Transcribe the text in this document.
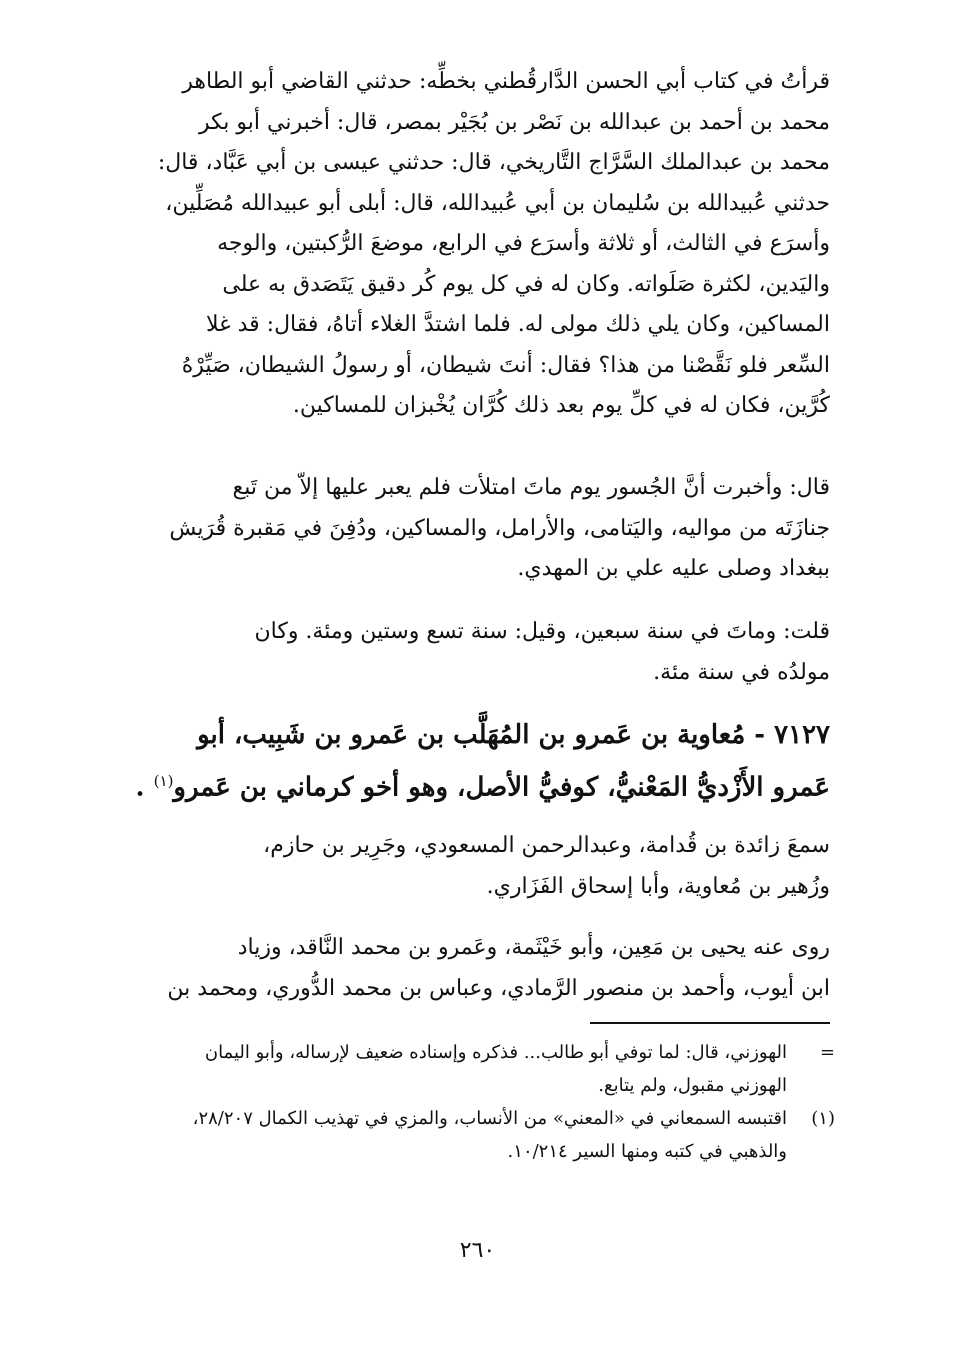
قرأتُ في كتاب أبي الحسن الدَّارقُطني بخطِّه: حدثني القاضي أبو الطاهر
محمد بن أحمد بن عبدالله بن نَصْر بن بُجَيْر بمصر، قال: أخبرني أبو بكر
محمد بن عبدالملك السَّرَّاج التَّاريخي، قال: حدثني عيسى بن أبي عَبَّاد، قال:
حدثني عُبيدالله بن سُليمان بن أبي عُبيدالله، قال: أبلى أبو عبيدالله مُصَلِّين،
وأسرَع في الثالث، أو ثلاثة وأسرَع في الرابع، موضعَ الرُّكبتين، والوجه
واليَدين، لكثرة صَلَواته. وكان له في كل يوم كُر دقيق يَتَصَدق به على
المساكين، وكان يلي ذلك مولى له. فلما اشتدَّ الغلاء أتاهُ، فقال: قد غلا
السِّعر فلو نَقَّصْنا من هذا؟ فقال: أنتَ شيطان، أو رسولُ الشيطان، صَيِّرْهُ
كُرَّين، فكان له في كلِّ يوم بعد ذلك كُرَّان يُخْبزان للمساكين.
قال: وأخبرت أنَّ الجُسور يوم ماتَ امتلأت فلم يعبر عليها إلاّ من تَبع
جنازَتَه من مواليه، واليَتامى، والأرامل، والمساكين، ودُفِنَ في مَقبرة قُرَيش
ببغداد وصلى عليه علي بن المهدي.
قلت: وماتَ في سنة سبعين، وقيل: سنة تسع وستين ومئة. وكان
مولدُه في سنة مئة.

٧١٢٧ - مُعاوية بن عَمرو بن المُهَلَّب بن عَمرو بن شَبِيب، أبو

عَمرو الأَزْديُّ المَعْنيُّ، كوفيُّ الأصل، وهو أخو كرماني بن عَمرو$^{(١)}$ .

سمعَ زائدة بن قُدامة، وعبدالرحمن المسعودي، وجَرِير بن حازم،
وزُهير بن مُعاوية، وأبا إسحاق الفَزَاري.
روى عنه يحيى بن مَعِين، وأبو خَيْثَمة، وعَمرو بن محمد النَّاقد، وزياد
ابن أيوب، وأحمد بن منصور الرَّمادي، وعباس بن محمد الدُّوري، ومحمد بن
=
الهوزني، قال: لما توفي أبو طالب... فذكره وإسناده ضعيف لإرساله، وأبو اليمان
الهوزني مقبول، ولم يتابع.
(١)
اقتبسه السمعاني في «المعني» من الأنساب، والمزي في تهذيب الكمال ٢٨/٢٠٧،
والذهبي في كتبه ومنها السير ١٠/٢١٤.
٢٦٠
